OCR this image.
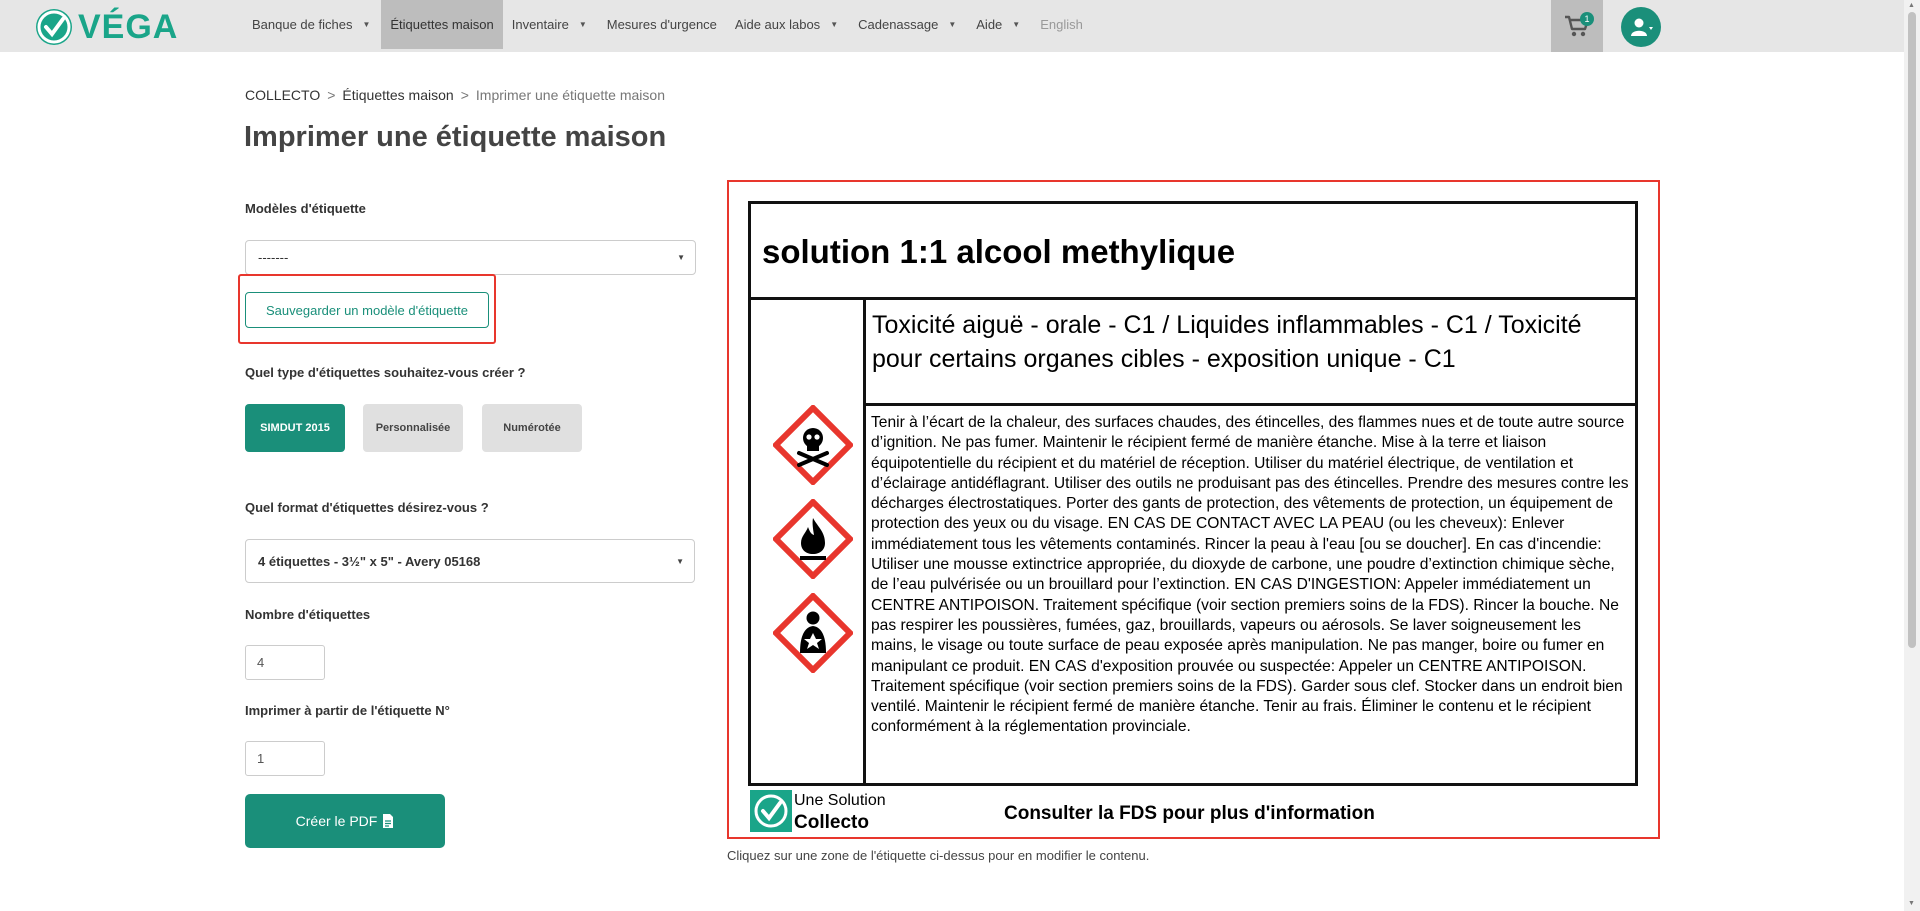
VÉGA	Banque de fiches ▼ Étiquettes maison Inventaire ▼ Mesures d'urgence Aide aux labos ▼ Cadenassage ▼ Aide ▼ English	1
COLLECTO > Étiquettes maison > Imprimer une étiquette maison
Imprimer une étiquette maison
Modèles d'étiquette
-------	▼
Sauvegarder un modèle d'étiquette
Quel type d'étiquettes souhaitez-vous créer ?
SIMDUT 2015	Personnalisée	Numérotée
Quel format d'étiquettes désirez-vous ?
4 étiquettes - 3½" x 5" - Avery 05168	▼
Nombre d'étiquettes
4
Imprimer à partir de l'étiquette N°
1
Créer le PDF
solution 1:1 alcool methylique
Toxicité aiguë - orale - C1 / Liquides inflammables - C1 / Toxicité pour certains organes cibles - exposition unique - C1
Tenir à l’écart de la chaleur, des surfaces chaudes, des étincelles, des flammes nues et de toute autre source d’ignition. Ne pas fumer. Maintenir le récipient fermé de manière étanche. Mise à la terre et liaison équipotentielle du récipient et du matériel de réception. Utiliser du matériel électrique, de ventilation et d’éclairage antidéflagrant. Utiliser des outils ne produisant pas des étincelles. Prendre des mesures contre les décharges électrostatiques. Porter des gants de protection, des vêtements de protection, un équipement de protection des yeux ou du visage. EN CAS DE CONTACT AVEC LA PEAU (ou les cheveux): Enlever immédiatement tous les vêtements contaminés. Rincer la peau à l'eau [ou se doucher]. En cas d'incendie: Utiliser une mousse extinctrice appropriée, du dioxyde de carbone, une poudre d’extinction chimique sèche, de l’eau pulvérisée ou un brouillard pour l’extinction. EN CAS D'INGESTION: Appeler immédiatement un CENTRE ANTIPOISON. Traitement spécifique (voir section premiers soins de la FDS). Rincer la bouche. Ne pas respirer les poussières, fumées, gaz, brouillards, vapeurs ou aérosols. Se laver soigneusement les mains, le visage ou toute surface de peau exposée après manipulation. Ne pas manger, boire ou fumer en manipulant ce produit. EN CAS d'exposition prouvée ou suspectée: Appeler un CENTRE ANTIPOISON. Traitement spécifique (voir section premiers soins de la FDS). Garder sous clef. Stocker dans un endroit bien ventilé. Maintenir le récipient fermé de manière étanche. Tenir au frais. Éliminer le contenu et le récipient conformément à la réglementation provinciale.
Une Solution
Collecto	Consulter la FDS pour plus d'information
Cliquez sur une zone de l'étiquette ci-dessus pour en modifier le contenu.
▲
▼
